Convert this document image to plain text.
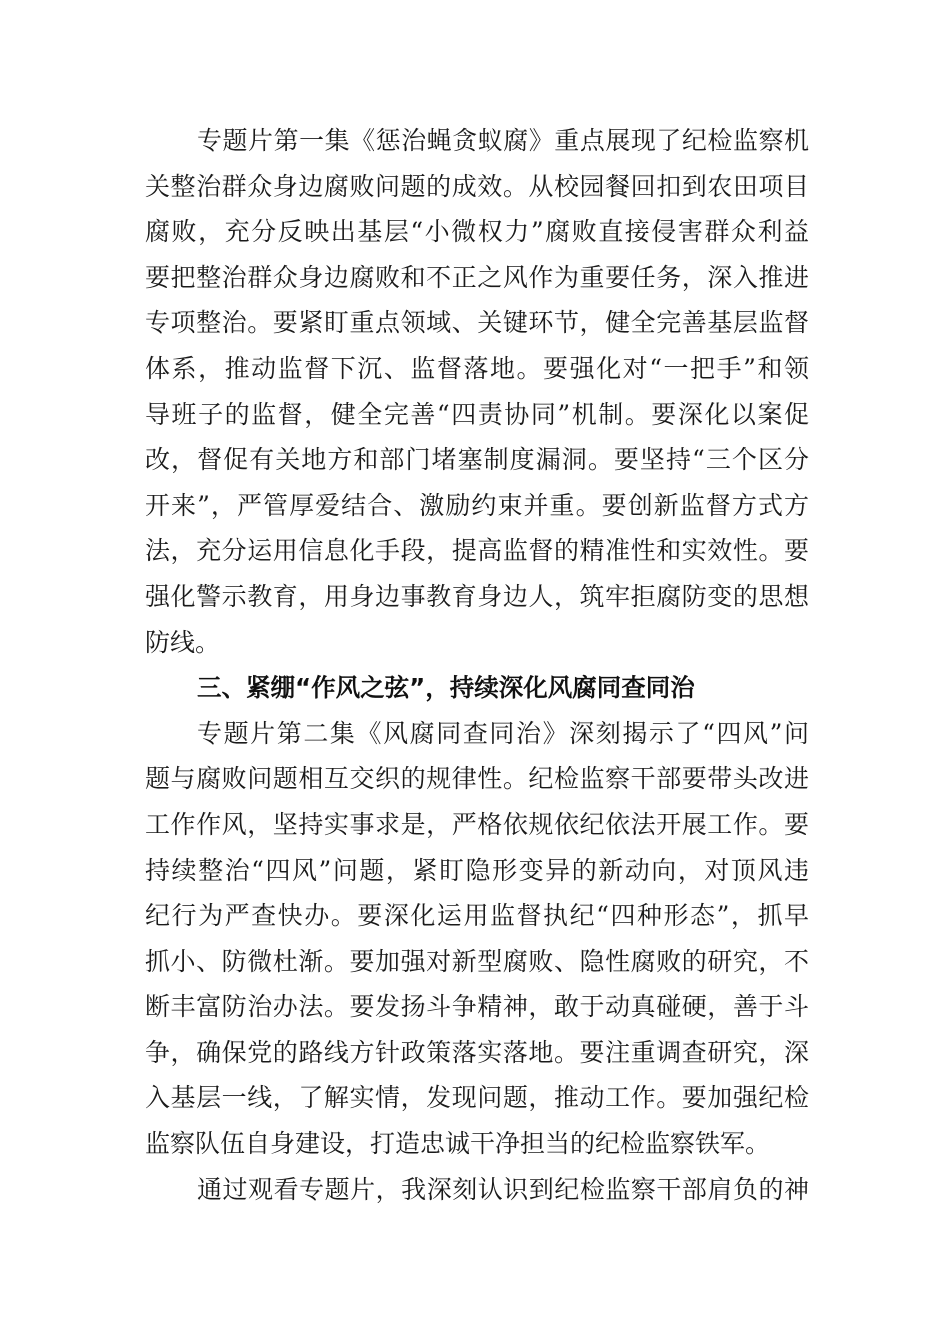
专题片第一集《惩治蝇贪蚁腐》重点展现了纪检监察机
关整治群众身边腐败问题的成效。从校园餐回扣到农田项目
腐败，充分反映出基层“小微权力”腐败直接侵害群众利益
要把整治群众身边腐败和不正之风作为重要任务，深入推进
专项整治。要紧盯重点领域、关键环节，健全完善基层监督
体系，推动监督下沉、监督落地。要强化对“一把手”和领
导班子的监督，健全完善“四责协同”机制。要深化以案促
改，督促有关地方和部门堵塞制度漏洞。要坚持“三个区分
开来”，严管厚爱结合、激励约束并重。要创新监督方式方
法，充分运用信息化手段，提高监督的精准性和实效性。要
强化警示教育，用身边事教育身边人，筑牢拒腐防变的思想
防线。
三、紧绷“作风之弦”，持续深化风腐同查同治
专题片第二集《风腐同查同治》深刻揭示了“四风”问
题与腐败问题相互交织的规律性。纪检监察干部要带头改进
工作作风，坚持实事求是，严格依规依纪依法开展工作。要
持续整治“四风”问题，紧盯隐形变异的新动向，对顶风违
纪行为严查快办。要深化运用监督执纪“四种形态”，抓早
抓小、防微杜渐。要加强对新型腐败、隐性腐败的研究，不
断丰富防治办法。要发扬斗争精神，敢于动真碰硬，善于斗
争，确保党的路线方针政策落实落地。要注重调查研究，深
入基层一线，了解实情，发现问题，推动工作。要加强纪检
监察队伍自身建设，打造忠诚干净担当的纪检监察铁军。
通过观看专题片，我深刻认识到纪检监察干部肩负的神
